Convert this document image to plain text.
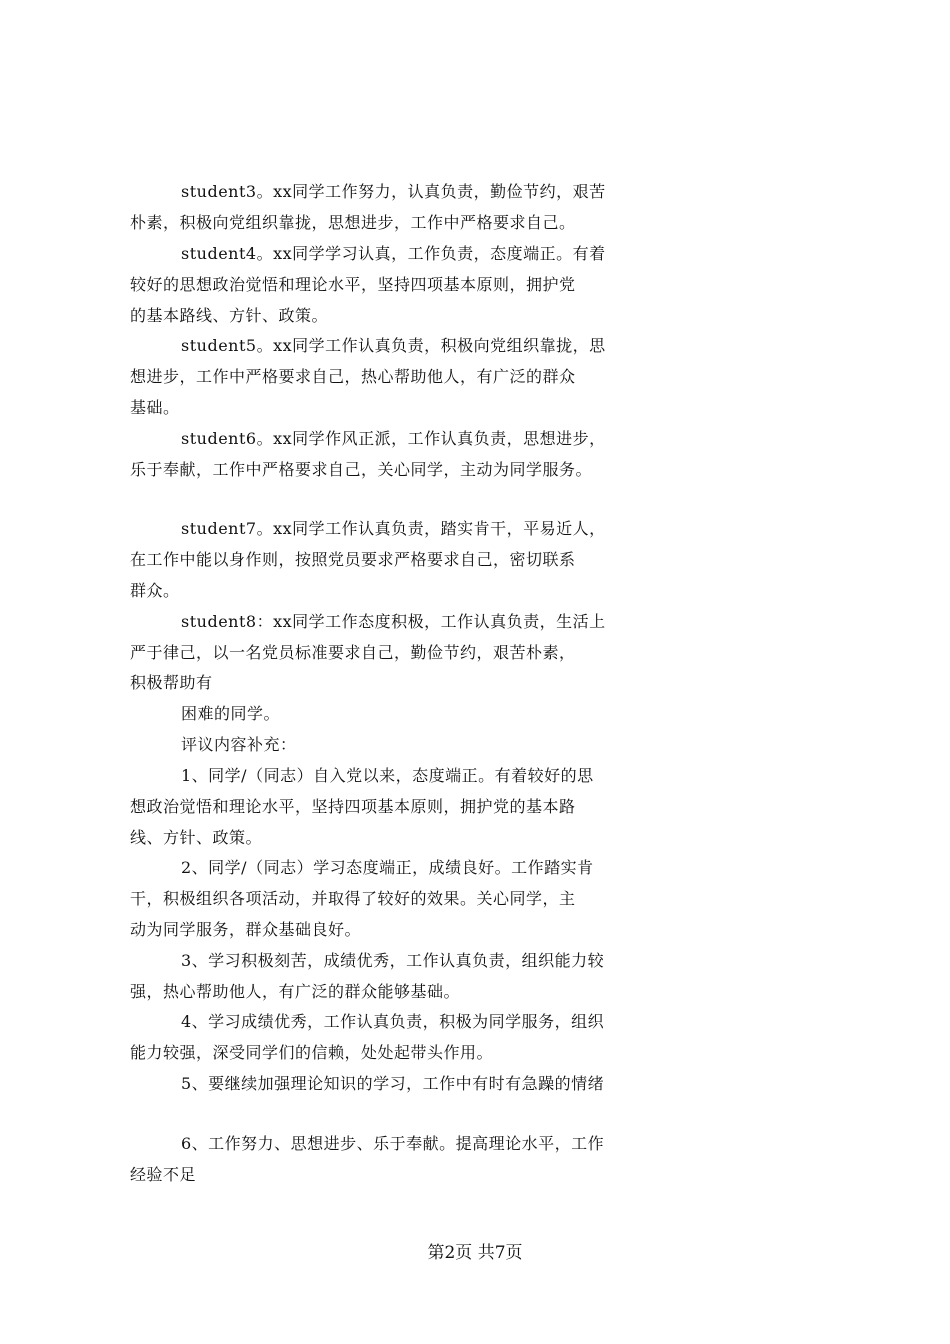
student3。xx同学工作努力，认真负责，勤俭节约，艰苦
朴素，积极向党组织靠拢，思想进步，工作中严格要求自己。
student4。xx同学学习认真，工作负责，态度端正。有着
较好的思想政治觉悟和理论水平，坚持四项基本原则，拥护党
的基本路线、方针、政策。
student5。xx同学工作认真负责，积极向党组织靠拢，思
想进步，工作中严格要求自己，热心帮助他人，有广泛的群众
基础。
student6。xx同学作风正派，工作认真负责，思想进步，
乐于奉献，工作中严格要求自己，关心同学，主动为同学服务。
student7。xx同学工作认真负责，踏实肯干，平易近人，
在工作中能以身作则，按照党员要求严格要求自己，密切联系
群众。
student8：xx同学工作态度积极，工作认真负责，生活上
严于律己，以一名党员标准要求自己，勤俭节约，艰苦朴素，
积极帮助有
困难的同学。
评议内容补充：
1、同学/（同志）自入党以来，态度端正。有着较好的思
想政治觉悟和理论水平，坚持四项基本原则，拥护党的基本路
线、方针、政策。
2、同学/（同志）学习态度端正，成绩良好。工作踏实肯
干，积极组织各项活动，并取得了较好的效果。关心同学，主
动为同学服务，群众基础良好。
3、学习积极刻苦，成绩优秀，工作认真负责，组织能力较
强，热心帮助他人，有广泛的群众能够基础。
4、学习成绩优秀，工作认真负责，积极为同学服务，组织
能力较强，深受同学们的信赖，处处起带头作用。
5、要继续加强理论知识的学习，工作中有时有急躁的情绪
6、工作努力、思想进步、乐于奉献。提高理论水平，工作
经验不足
第2页 共7页
